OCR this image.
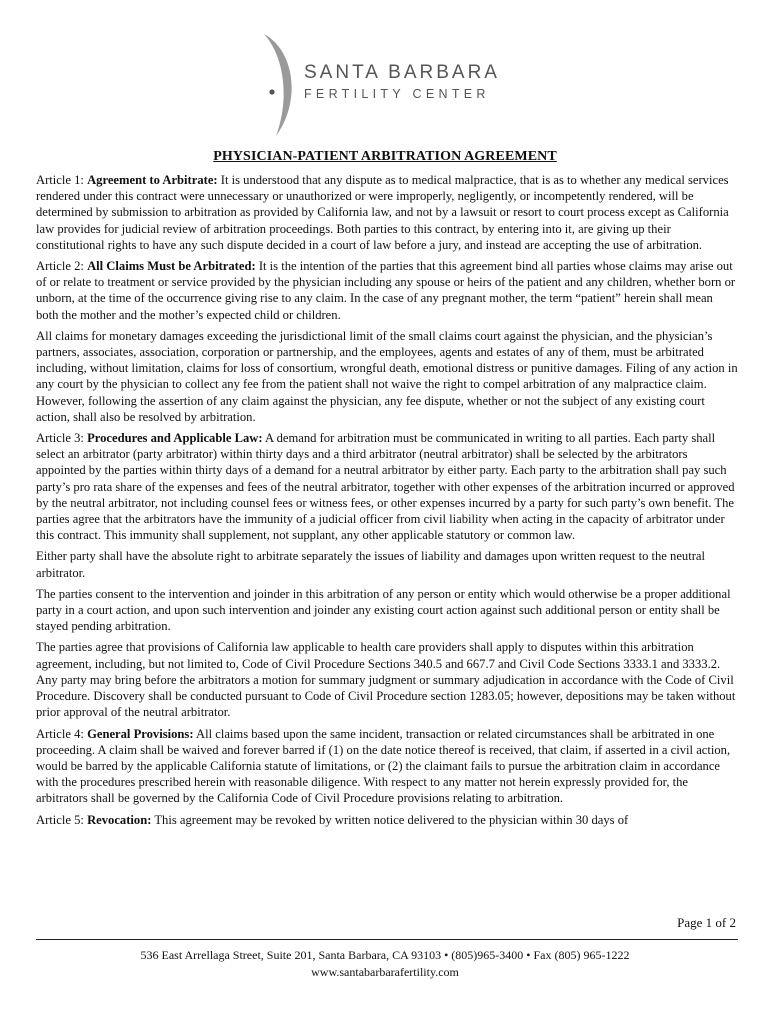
SANTA BARBARA
FERTILITY CENTER
PHYSICIAN-PATIENT ARBITRATION AGREEMENT

Article 1: Agreement to Arbitrate: It is understood that any dispute as to medical malpractice, that is as to whether any medical services rendered under this contract were unnecessary or unauthorized or were improperly, negligently, or incompetently rendered, will be determined by submission to arbitration as provided by California law, and not by a lawsuit or resort to court process except as California law provides for judicial review of arbitration proceedings. Both parties to this contract, by entering into it, are giving up their constitutional rights to have any such dispute decided in a court of law before a jury, and instead are accepting the use of arbitration.

Article 2: All Claims Must be Arbitrated: It is the intention of the parties that this agreement bind all parties whose claims may arise out of or relate to treatment or service provided by the physician including any spouse or heirs of the patient and any children, whether born or unborn, at the time of the occurrence giving rise to any claim. In the case of any pregnant mother, the term “patient” herein shall mean both the mother and the mother’s expected child or children.

All claims for monetary damages exceeding the jurisdictional limit of the small claims court against the physician, and the physician’s partners, associates, association, corporation or partnership, and the employees, agents and estates of any of them, must be arbitrated including, without limitation, claims for loss of consortium, wrongful death, emotional distress or punitive damages. Filing of any action in any court by the physician to collect any fee from the patient shall not waive the right to compel arbitration of any malpractice claim. However, following the assertion of any claim against the physician, any fee dispute, whether or not the subject of any existing court action, shall also be resolved by arbitration.

Article 3: Procedures and Applicable Law: A demand for arbitration must be communicated in writing to all parties. Each party shall select an arbitrator (party arbitrator) within thirty days and a third arbitrator (neutral arbitrator) shall be selected by the arbitrators appointed by the parties within thirty days of a demand for a neutral arbitrator by either party. Each party to the arbitration shall pay such party’s pro rata share of the expenses and fees of the neutral arbitrator, together with other expenses of the arbitration incurred or approved by the neutral arbitrator, not including counsel fees or witness fees, or other expenses incurred by a party for such party’s own benefit. The parties agree that the arbitrators have the immunity of a judicial officer from civil liability when acting in the capacity of arbitrator under this contract. This immunity shall supplement, not supplant, any other applicable statutory or common law.

Either party shall have the absolute right to arbitrate separately the issues of liability and damages upon written request to the neutral arbitrator.

The parties consent to the intervention and joinder in this arbitration of any person or entity which would otherwise be a proper additional party in a court action, and upon such intervention and joinder any existing court action against such additional person or entity shall be stayed pending arbitration.

The parties agree that provisions of California law applicable to health care providers shall apply to disputes within this arbitration agreement, including, but not limited to, Code of Civil Procedure Sections 340.5 and 667.7 and Civil Code Sections 3333.1 and 3333.2. Any party may bring before the arbitrators a motion for summary judgment or summary adjudication in accordance with the Code of Civil Procedure. Discovery shall be conducted pursuant to Code of Civil Procedure section 1283.05; however, depositions may be taken without prior approval of the neutral arbitrator.

Article 4: General Provisions: All claims based upon the same incident, transaction or related circumstances shall be arbitrated in one proceeding. A claim shall be waived and forever barred if (1) on the date notice thereof is received, that claim, if asserted in a civil action, would be barred by the applicable California statute of limitations, or (2) the claimant fails to pursue the arbitration claim in accordance with the procedures prescribed herein with reasonable diligence. With respect to any matter not herein expressly provided for, the arbitrators shall be governed by the California Code of Civil Procedure provisions relating to arbitration.

Article 5: Revocation: This agreement may be revoked by written notice delivered to the physician within 30 days of

Page 1 of 2
536 East Arrellaga Street, Suite 201, Santa Barbara, CA 93103 • (805)965-3400 • Fax (805) 965-1222
www.santabarbarafertility.com
